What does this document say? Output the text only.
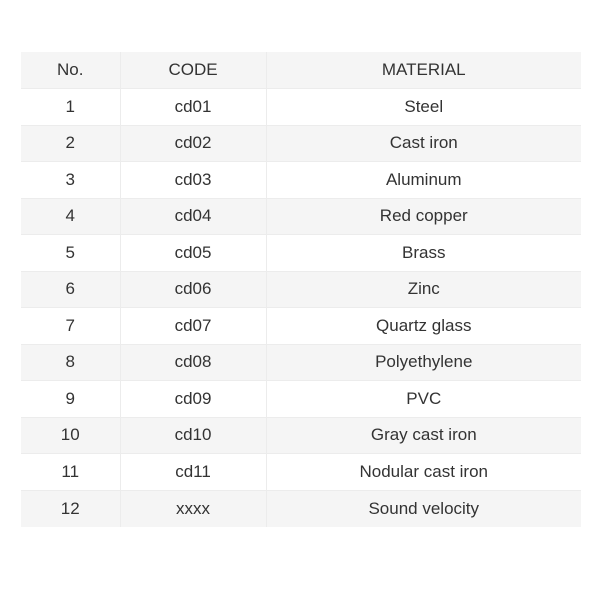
No.	CODE	MATERIAL
1	cd01	Steel
2	cd02	Cast iron
3	cd03	Aluminum
4	cd04	Red copper
5	cd05	Brass
6	cd06	Zinc
7	cd07	Quartz glass
8	cd08	Polyethylene
9	cd09	PVC
10	cd10	Gray cast iron
11	cd11	Nodular cast iron
12	xxxx	Sound velocity
